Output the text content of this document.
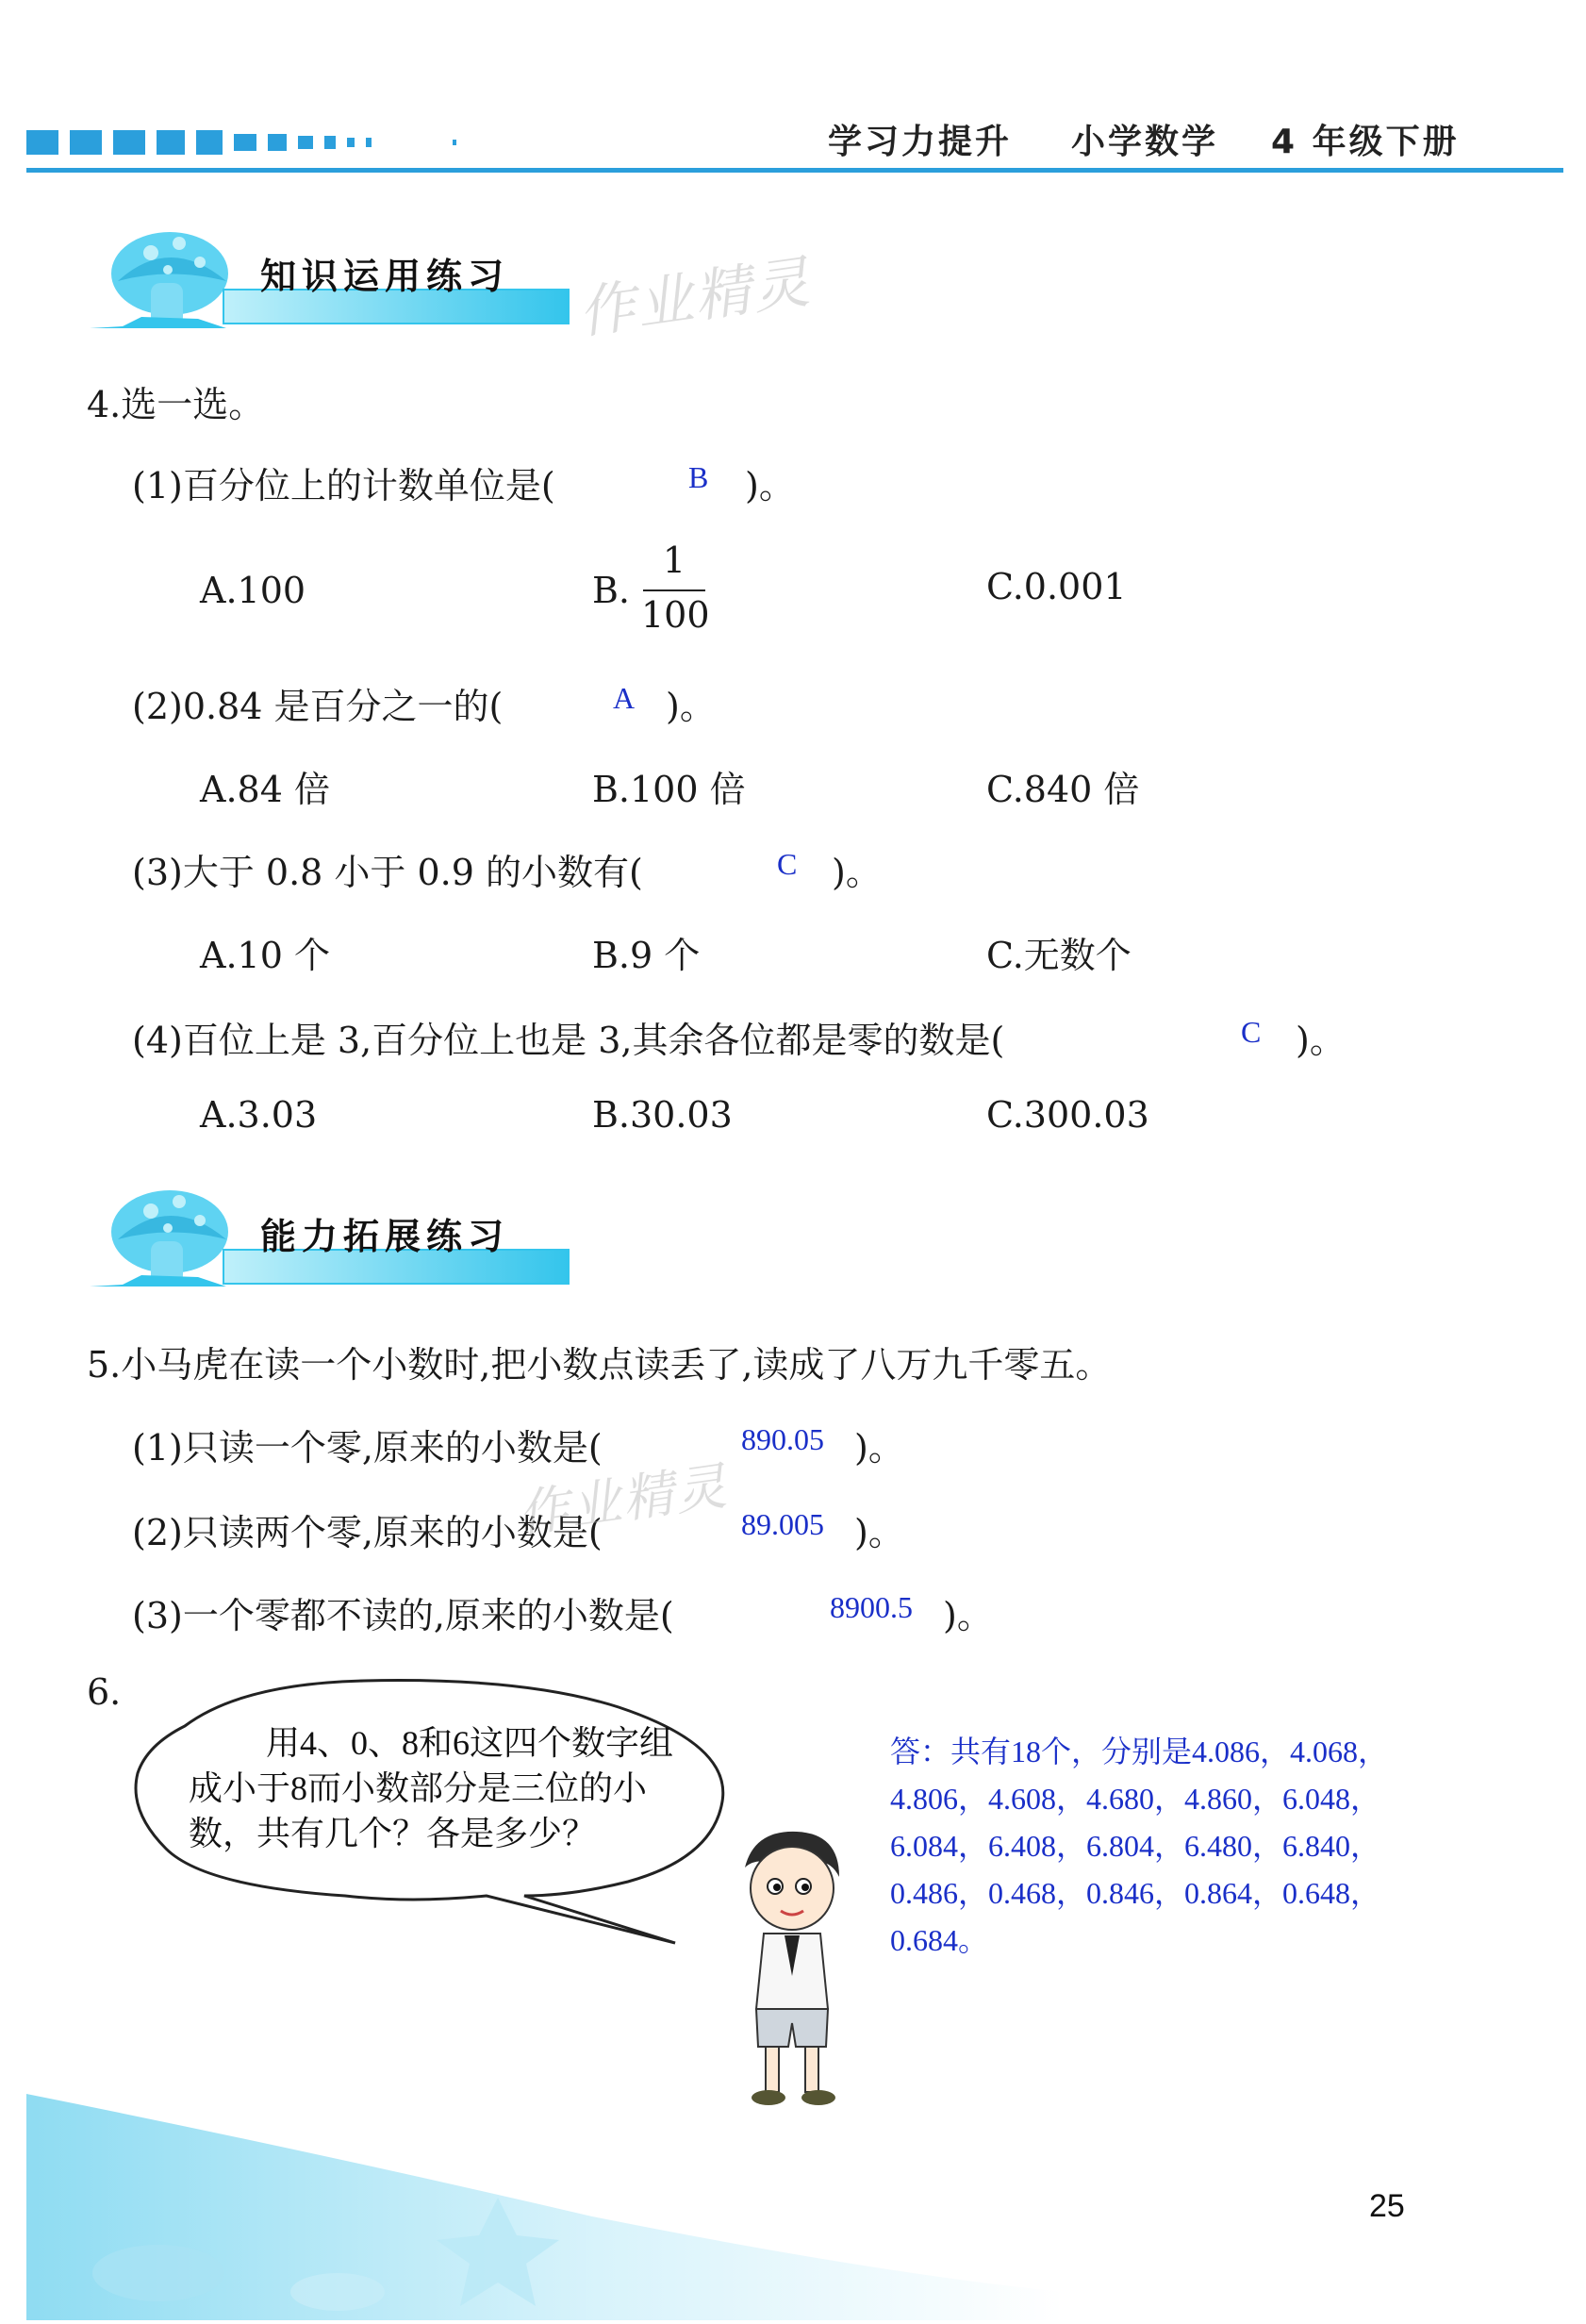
学习力提升 小学数学 4 年级下册
知识运用练习 作业精灵
4.选一选。
(1)百分位上的计数单位是(	B )。
A.100	B.
1
100
C.0.001
(2)0.84 是百分之一的(	A )。
A.84 倍	B.100 倍	C.840 倍
(3)大于 0.8 小于 0.9 的小数有(	C )。
A.10 个	B.9 个	C.无数个
(4)百位上是 3,百分位上也是 3,其余各位都是零的数是(	C )。
A.3.03	B.30.03	C.300.03
能力拓展练习
5.小马虎在读一个小数时,把小数点读丢了,读成了八万九千零五。
(1)只读一个零,原来的小数是(	890.05 )。
(2)只读两个零,原来的小数是(	89.005 )。
作业精灵
(3)一个零都不读的,原来的小数是(	8900.5 )。
6.
用4、0、8和6这四个数字组
成小于8而小数部分是三位的小
数，共有几个？各是多少？
答：共有18个，分别是4.086，4.068，
4.806，4.608，4.680，4.860，6.048，
6.084，6.408，6.804，6.480，6.840，
0.486，0.468，0.846，0.864，0.648，
0.684。
25
